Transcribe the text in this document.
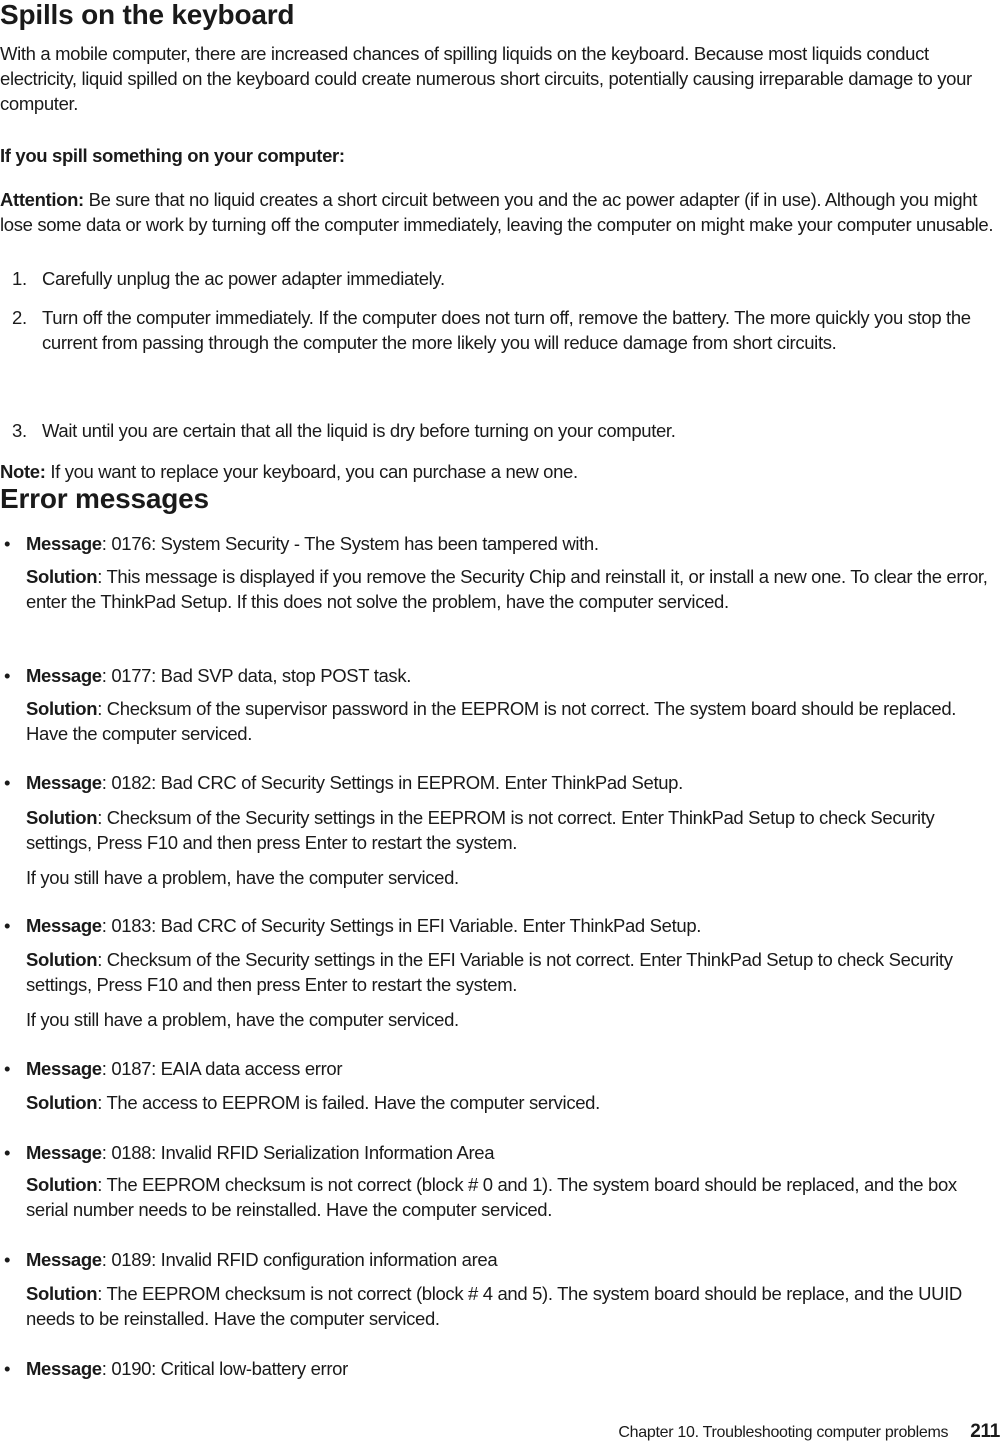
Spills on the keyboard

With a mobile computer, there are increased chances of spilling liquids on the keyboard. Because most liquids conduct electricity, liquid spilled on the keyboard could create numerous short circuits, potentially causing irreparable damage to your computer.

If you spill something on your computer:

Attention: Be sure that no liquid creates a short circuit between you and the ac power adapter (if in use). Although you might lose some data or work by turning off the computer immediately, leaving the computer on might make your computer unusable.

1. Carefully unplug the ac power adapter immediately.

2. Turn off the computer immediately. If the computer does not turn off, remove the battery. The more quickly you stop the current from passing through the computer the more likely you will reduce damage from short circuits.

3. Wait until you are certain that all the liquid is dry before turning on your computer.

Note: If you want to replace your keyboard, you can purchase a new one.

Error messages
• Message: 0176: System Security - The System has been tampered with.

Solution: This message is displayed if you remove the Security Chip and reinstall it, or install a new one. To clear the error, enter the ThinkPad Setup. If this does not solve the problem, have the computer serviced.

• Message: 0177: Bad SVP data, stop POST task.

Solution: Checksum of the supervisor password in the EEPROM is not correct. The system board should be replaced. Have the computer serviced.

• Message: 0182: Bad CRC of Security Settings in EEPROM. Enter ThinkPad Setup.

Solution: Checksum of the Security settings in the EEPROM is not correct. Enter ThinkPad Setup to check Security settings, Press F10 and then press Enter to restart the system.

If you still have a problem, have the computer serviced.

• Message: 0183: Bad CRC of Security Settings in EFI Variable. Enter ThinkPad Setup.

Solution: Checksum of the Security settings in the EFI Variable is not correct. Enter ThinkPad Setup to check Security settings, Press F10 and then press Enter to restart the system.

If you still have a problem, have the computer serviced.

• Message: 0187: EAIA data access error

Solution: The access to EEPROM is failed. Have the computer serviced.

• Message: 0188: Invalid RFID Serialization Information Area

Solution: The EEPROM checksum is not correct (block # 0 and 1). The system board should be replaced, and the box serial number needs to be reinstalled. Have the computer serviced.

• Message: 0189: Invalid RFID configuration information area

Solution: The EEPROM checksum is not correct (block # 4 and 5). The system board should be replace, and the UUID needs to be reinstalled. Have the computer serviced.

• Message: 0190: Critical low-battery error
Chapter 10. Troubleshooting computer problems 211
